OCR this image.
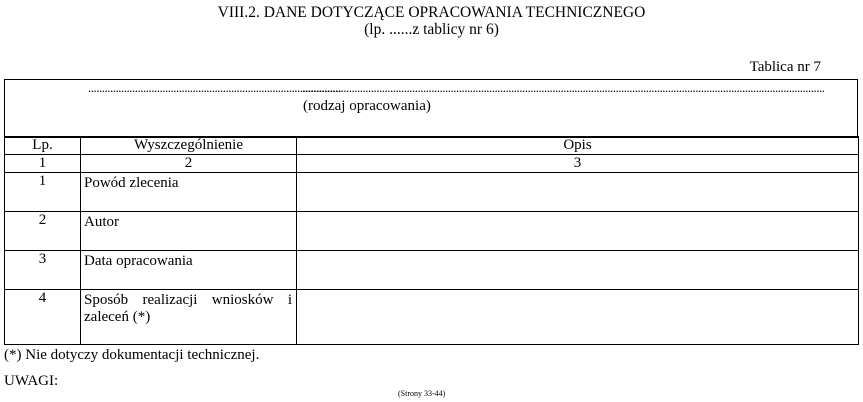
VIII.2. DANE DOTYCZĄCE OPRACOWANIA TECHNICZNEGO
(lp. ......z tablicy nr 6)
Tablica nr 7
............................................................................................
..............................................................................................................................................................................................
(rodzaj opracowania)
Lp.	Wyszczególnienie	Opis
1	2	3
1	Powód zlecenia	
2	Autor	
3	Data opracowania	
4	Sposób realizacji wniosków i zaleceń (*)	
(*) Nie dotyczy dokumentacji technicznej.
UWAGI:
(Strony 33-44)
